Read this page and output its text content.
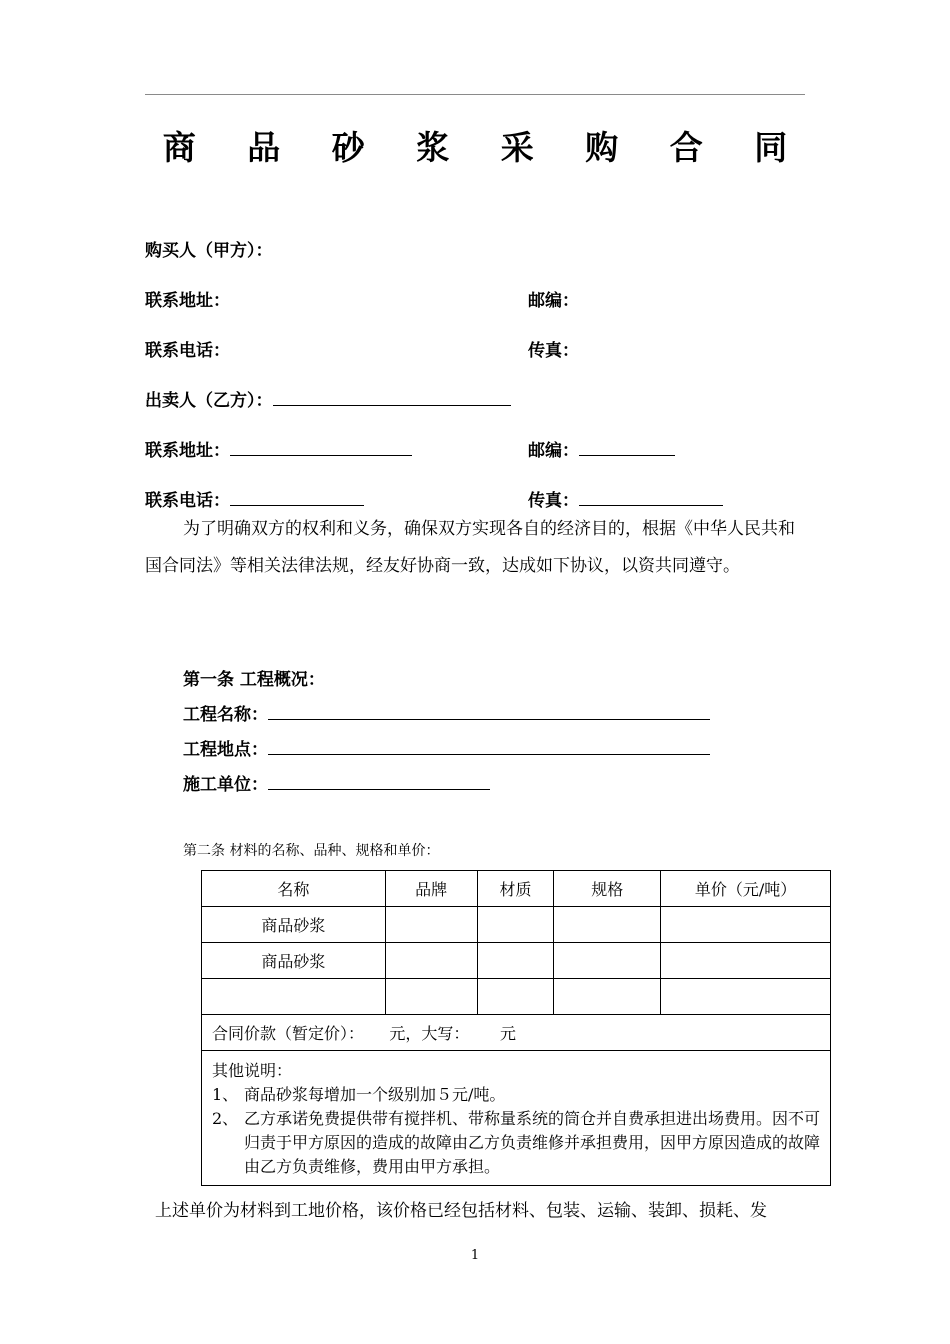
商 品 砂 浆 采 购 合 同
购买人（甲方）：
联系地址：	邮编：
联系电话：	传真：
出卖人（乙方）：
联系地址：	邮编：
联系电话：	传真：

为了明确双方的权利和义务，确保双方实现各自的经济目的，根据《中华人民共和国合同法》等相关法律法规，经友好协商一致，达成如下协议，以资共同遵守。

第一条 工程概况：
工程名称：
工程地点：
施工单位：
第二条 材料的名称、品种、规格和单价：
名称	品牌	材质	规格	单价（元/吨）
商品砂浆				
商品砂浆				

合同价款（暂定价）：     元，大写：      元				

其他说明：
1、 商品砂浆每增加一个级别加５元/吨。
2、 乙方承诺免费提供带有搅拌机、带称量系统的筒仓并自费承担进出场费用。因不可归责于甲方原因的造成的故障由乙方负责维修并承担费用，因甲方原因造成的故障由乙方负责维修，费用由甲方承担。				
上述单价为材料到工地价格，该价格已经包括材料、包装、运输、装卸、损耗、发
1
